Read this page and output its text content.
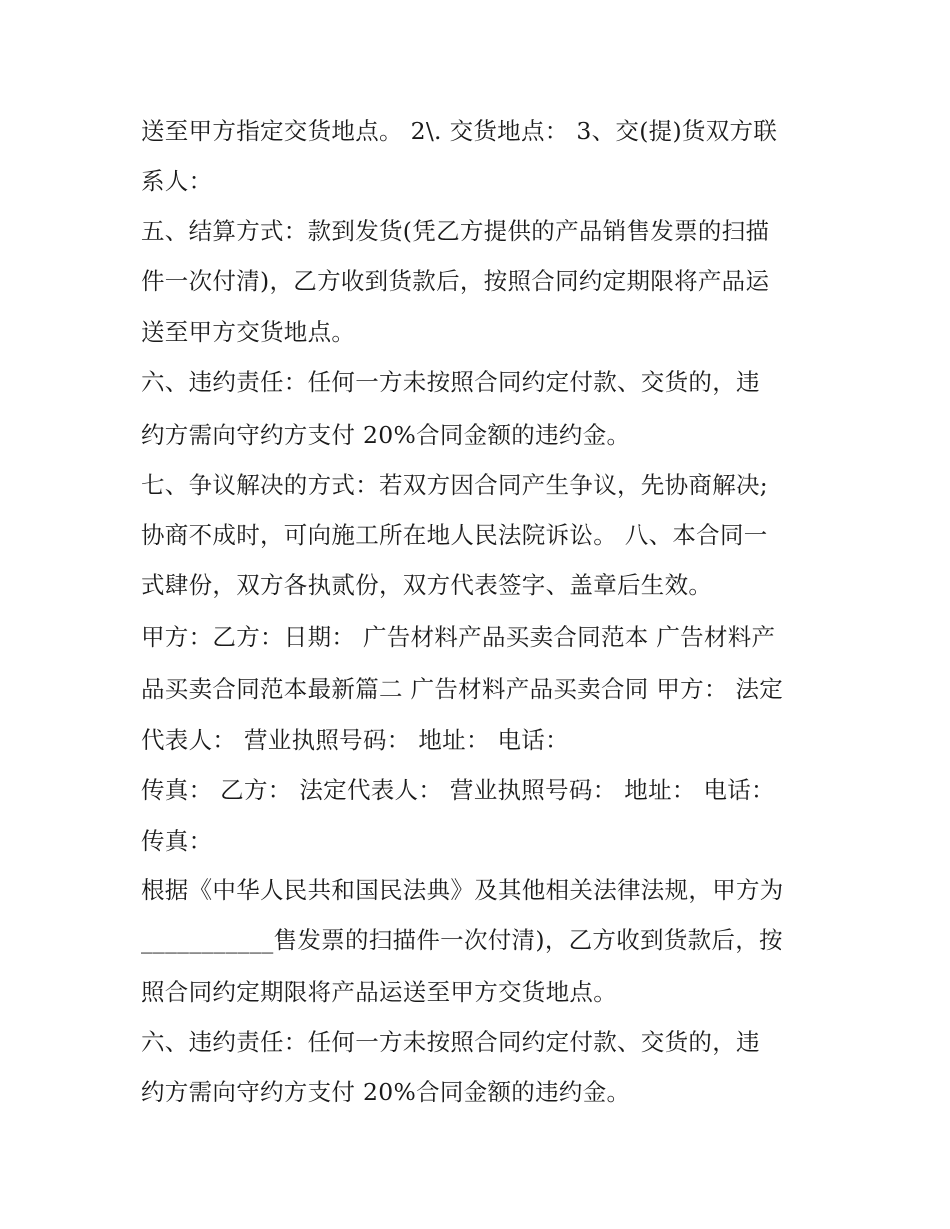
送至甲方指定交货地点。 2\. 交货地点： 3、交(提)货双方联
系人：
五、结算方式：款到发货(凭乙方提供的产品销售发票的扫描
件一次付清)，乙方收到货款后，按照合同约定期限将产品运
送至甲方交货地点。
六、违约责任：任何一方未按照合同约定付款、交货的，违
约方需向守约方支付 20%合同金额的违约金。
七、争议解决的方式：若双方因合同产生争议，先协商解决;
协商不成时，可向施工所在地人民法院诉讼。 八、本合同一
式肆份，双方各执贰份，双方代表签字、盖章后生效。
甲方：乙方：日期： 广告材料产品买卖合同范本 广告材料产
品买卖合同范本最新篇二 广告材料产品买卖合同 甲方： 法定
代表人： 营业执照号码： 地址： 电话：
传真： 乙方： 法定代表人： 营业执照号码： 地址： 电话：
传真：
根据《中华人民共和国民法典》及其他相关法律法规，甲方为
___________售发票的扫描件一次付清)，乙方收到货款后，按
照合同约定期限将产品运送至甲方交货地点。
六、违约责任：任何一方未按照合同约定付款、交货的，违
约方需向守约方支付 20%合同金额的违约金。
